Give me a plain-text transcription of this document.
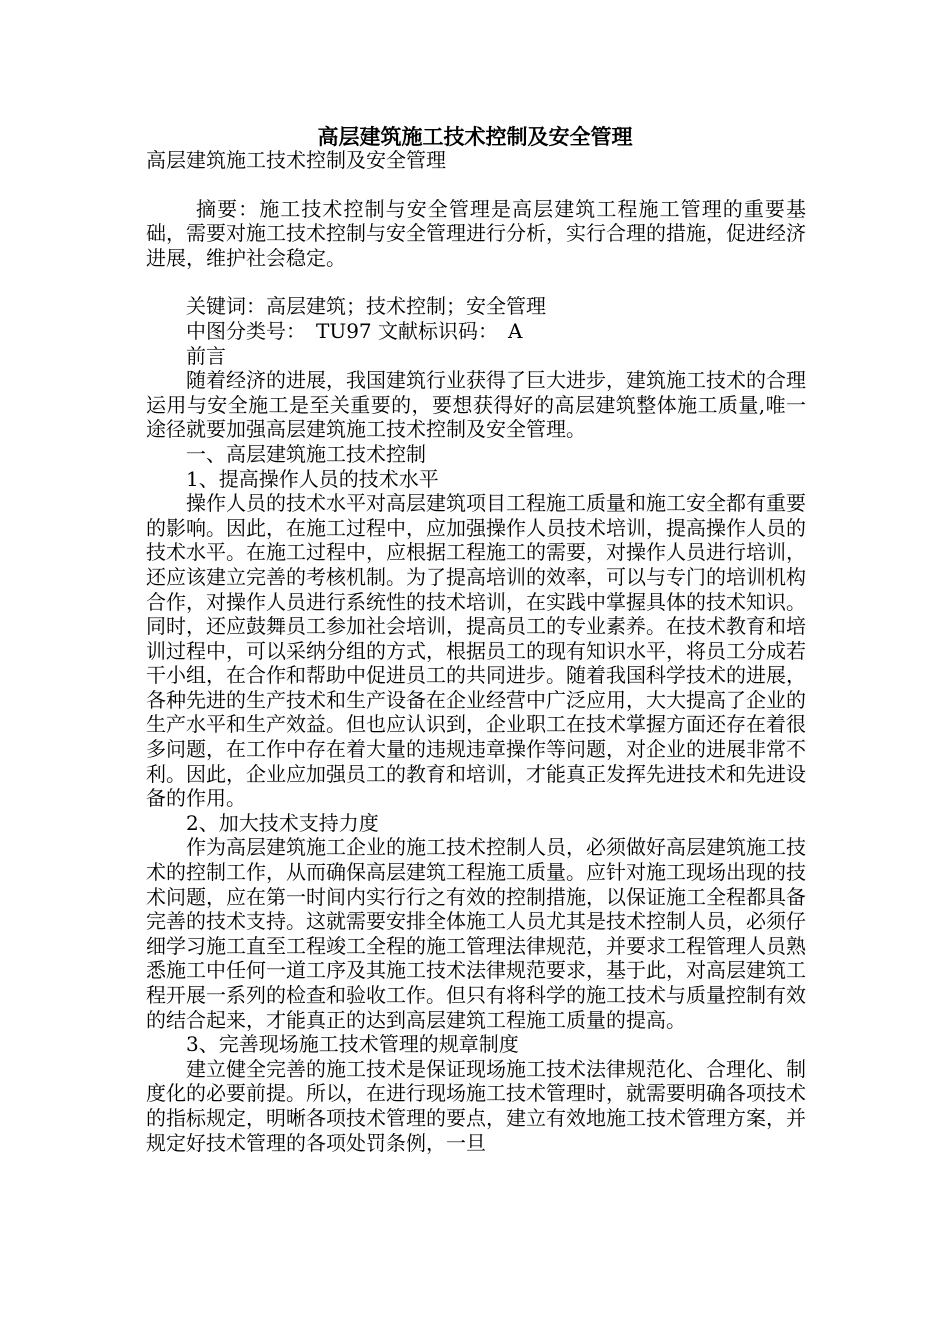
高层建筑施工技术控制及安全管理

高层建筑施工技术控制及安全管理

摘要：施工技术控制与安全管理是高层建筑工程施工管理的重要基础，需要对施工技术控制与安全管理进行分析，实行合理的措施，促进经济进展，维护社会稳定。

关键词：高层建筑；技术控制；安全管理

中图分类号：　TU97 文献标识码：　A

前言

随着经济的进展，我国建筑行业获得了巨大进步，建筑施工技术的合理运用与安全施工是至关重要的，要想获得好的高层建筑整体施工质量,唯一途径就要加强高层建筑施工技术控制及安全管理。

一、高层建筑施工技术控制

1、提高操作人员的技术水平

操作人员的技术水平对高层建筑项目工程施工质量和施工安全都有重要的影响。因此，在施工过程中，应加强操作人员技术培训，提高操作人员的技术水平。在施工过程中，应根据工程施工的需要，对操作人员进行培训，还应该建立完善的考核机制。为了提高培训的效率，可以与专门的培训机构合作，对操作人员进行系统性的技术培训，在实践中掌握具体的技术知识。同时，还应鼓舞员工参加社会培训，提高员工的专业素养。在技术教育和培训过程中，可以采纳分组的方式，根据员工的现有知识水平，将员工分成若干小组，在合作和帮助中促进员工的共同进步。随着我国科学技术的进展，各种先进的生产技术和生产设备在企业经营中广泛应用，大大提高了企业的生产水平和生产效益。但也应认识到，企业职工在技术掌握方面还存在着很多问题，在工作中存在着大量的违规违章操作等问题，对企业的进展非常不利。因此，企业应加强员工的教育和培训，才能真正发挥先进技术和先进设备的作用。

2、加大技术支持力度

作为高层建筑施工企业的施工技术控制人员，必须做好高层建筑施工技术的控制工作，从而确保高层建筑工程施工质量。应针对施工现场出现的技术问题，应在第一时间内实行行之有效的控制措施，以保证施工全程都具备完善的技术支持。这就需要安排全体施工人员尤其是技术控制人员，必须仔细学习施工直至工程竣工全程的施工管理法律规范，并要求工程管理人员熟悉施工中任何一道工序及其施工技术法律规范要求，基于此，对高层建筑工程开展一系列的检查和验收工作。但只有将科学的施工技术与质量控制有效的结合起来，才能真正的达到高层建筑工程施工质量的提高。

3、完善现场施工技术管理的规章制度

建立健全完善的施工技术是保证现场施工技术法律规范化、合理化、制度化的必要前提。所以，在进行现场施工技术管理时，就需要明确各项技术的指标规定，明晰各项技术管理的要点，建立有效地施工技术管理方案，并规定好技术管理的各项处罚条例，一旦
